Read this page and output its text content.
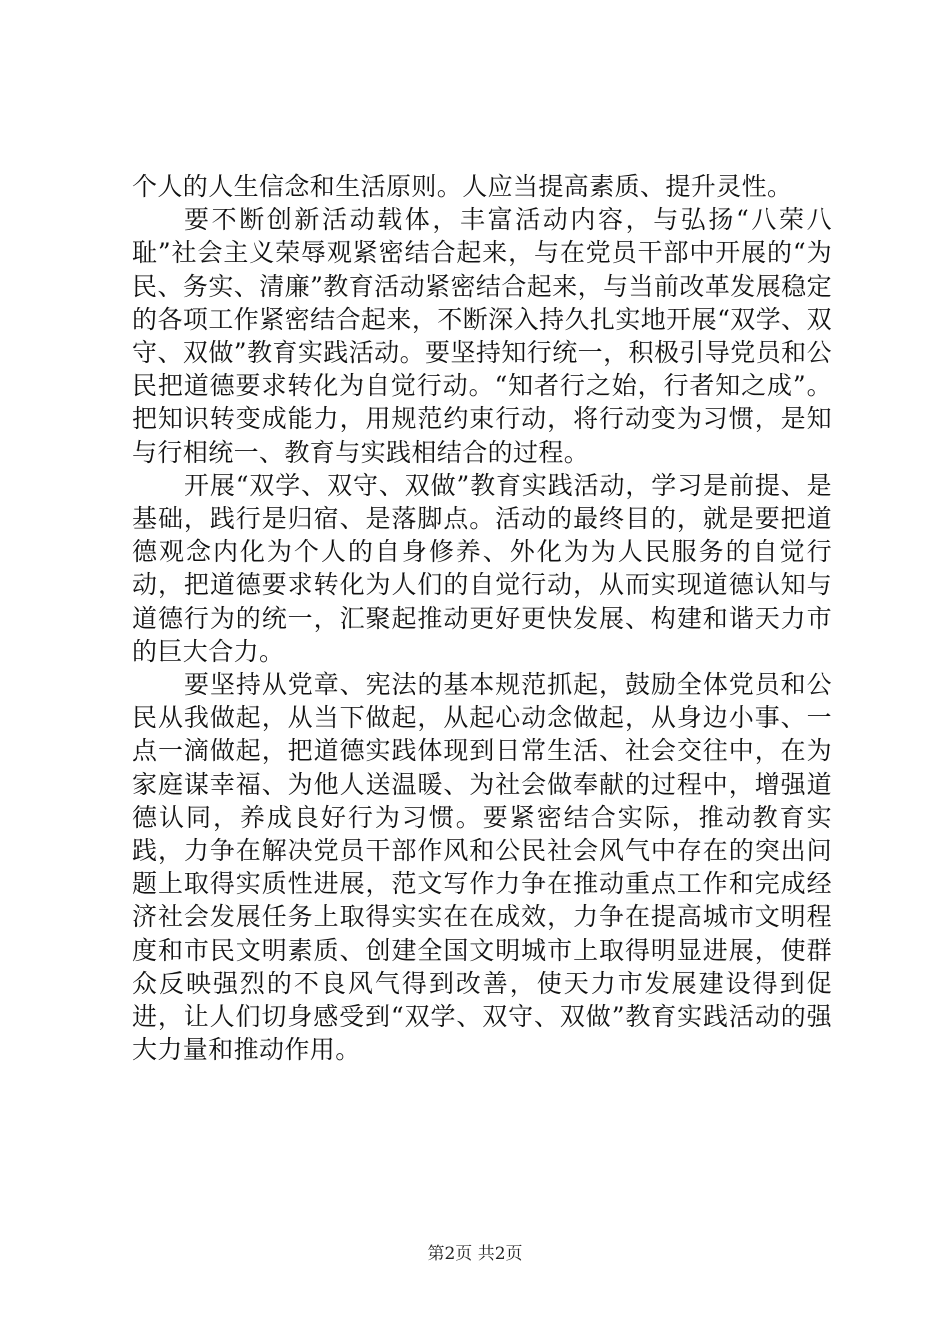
个人的人生信念和生活原则。人应当提高素质、提升灵性。

要不断创新活动载体，丰富活动内容，与弘扬“八荣八耻”社会主义荣辱观紧密结合起来，与在党员干部中开展的“为民、务实、清廉”教育活动紧密结合起来，与当前改革发展稳定的各项工作紧密结合起来，不断深入持久扎实地开展“双学、双守、双做”教育实践活动。要坚持知行统一，积极引导党员和公民把道德要求转化为自觉行动。“知者行之始，行者知之成”。把知识转变成能力，用规范约束行动，将行动变为习惯，是知与行相统一、教育与实践相结合的过程。

开展“双学、双守、双做”教育实践活动，学习是前提、是基础，践行是归宿、是落脚点。活动的最终目的，就是要把道德观念内化为个人的自身修养、外化为为人民服务的自觉行动，把道德要求转化为人们的自觉行动，从而实现道德认知与道德行为的统一，汇聚起推动更好更快发展、构建和谐天力市的巨大合力。

要坚持从党章、宪法的基本规范抓起，鼓励全体党员和公民从我做起，从当下做起，从起心动念做起，从身边小事、一点一滴做起，把道德实践体现到日常生活、社会交往中，在为家庭谋幸福、为他人送温暖、为社会做奉献的过程中，增强道德认同，养成良好行为习惯。要紧密结合实际，推动教育实践，力争在解决党员干部作风和公民社会风气中存在的突出问题上取得实质性进展，范文写作力争在推动重点工作和完成经济社会发展任务上取得实实在在成效，力争在提高城市文明程度和市民文明素质、创建全国文明城市上取得明显进展，使群众反映强烈的不良风气得到改善，使天力市发展建设得到促进，让人们切身感受到“双学、双守、双做”教育实践活动的强大力量和推动作用。

第2页 共2页
